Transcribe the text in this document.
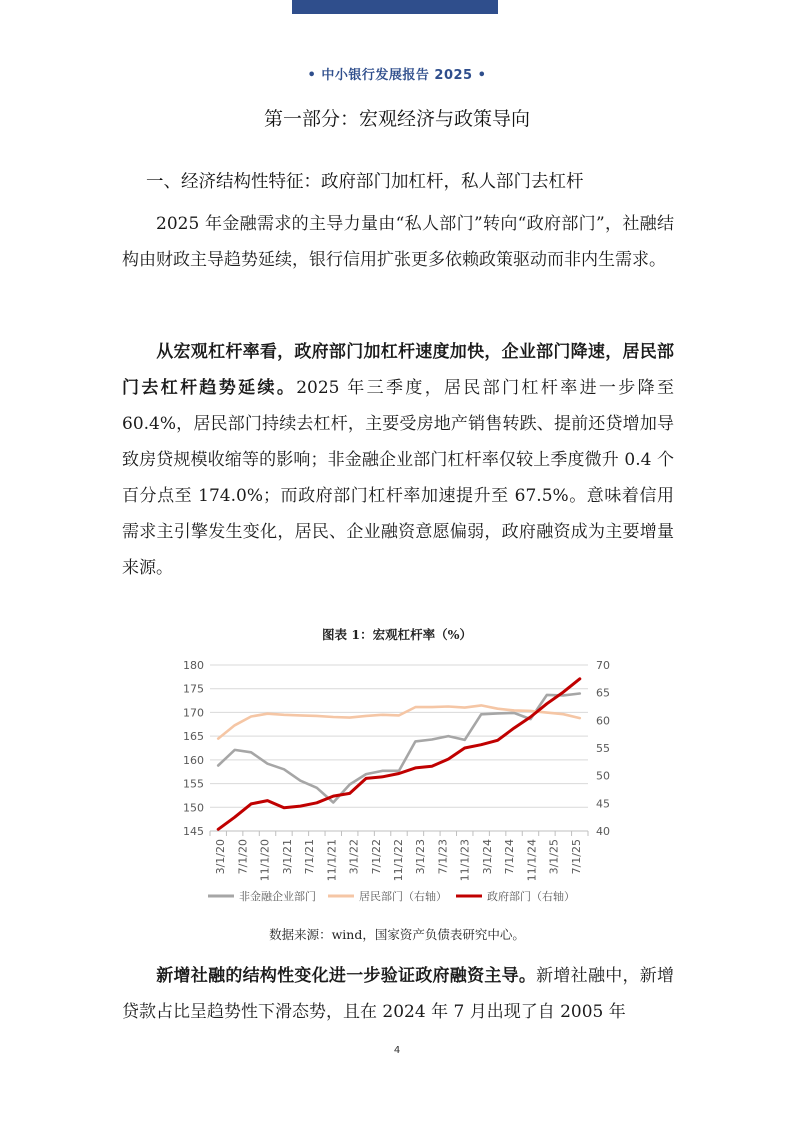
• 中小银行发展报告 2025 •
第一部分：宏观经济与政策导向
一、经济结构性特征：政府部门加杠杆，私人部门去杠杆

2025 年金融需求的主导力量由“私人部门”转向“政府部门”，社融结构由财政主导趋势延续，银行信用扩张更多依赖政策驱动而非内生需求。

从宏观杠杆率看，政府部门加杠杆速度加快，企业部门降速，居民部门去杠杆趋势延续。2025 年三季度，居民部门杠杆率进一步降至 60.4%，居民部门持续去杠杆，主要受房地产销售转跌、提前还贷增加导致房贷规模收缩等的影响；非金融企业部门杠杆率仅较上季度微升 0.4 个百分点至 174.0%；而政府部门杠杆率加速提升至 67.5%。意味着信用需求主引擎发生变化，居民、企业融资意愿偏弱，政府融资成为主要增量来源。

图表 1：宏观杠杆率（%）
145
150
155
160
165
170
175
180
40
45
50
55
60
65
70
3/1/20 7/1/20 11/1/20 3/1/21 7/1/21 11/1/21 3/1/22 7/1/22 11/1/22 3/1/23 7/1/23 11/1/23 3/1/24 7/1/24 11/1/24 3/1/25 7/1/25
非金融企业部门	居民部门（右轴）	政府部门（右轴）
数据来源：wind，国家资产负债表研究中心。

新增社融的结构性变化进一步验证政府融资主导。新增社融中，新增贷款占比呈趋势性下滑态势，且在 2024 年 7 月出现了自 2005 年

4
